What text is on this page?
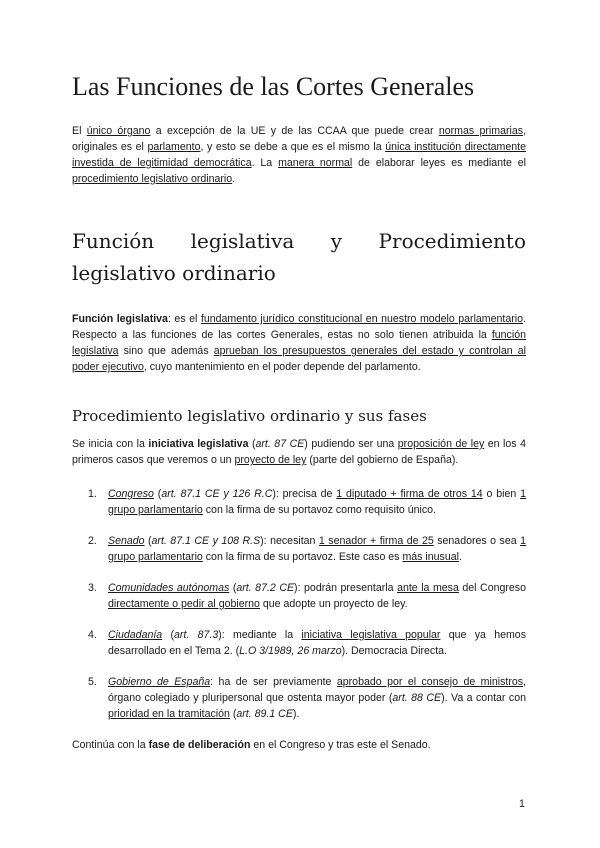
Las Funciones de las Cortes Generales

El único órgano a excepción de la UE y de las CCAA que puede crear normas primarias, originales es el parlamento, y esto se debe a que es el mismo la única institución directamente investida de legitimidad democrática. La manera normal de elaborar leyes es mediante el procedimiento legislativo ordinario.

Función legislativa y Procedimiento legislativo ordinario

Función legislativa: es el fundamento jurídico constitucional en nuestro modelo parlamentario. Respecto a las funciones de las cortes Generales, estas no solo tienen atribuida la función legislativa sino que además aprueban los presupuestos generales del estado y controlan al poder ejecutivo, cuyo mantenimiento en el poder depende del parlamento.

Procedimiento legislativo ordinario y sus fases

Se inicia con la iniciativa legislativa (art. 87 CE) pudiendo ser una proposición de ley en los 4 primeros casos que veremos o un proyecto de ley (parte del gobierno de España).

1. Congreso (art. 87.1 CE y 126 R.C): precisa de 1 diputado + firma de otros 14 o bien 1 grupo parlamentario con la firma de su portavoz como requisito único.

2. Senado (art. 87.1 CE y 108 R.S): necesitan 1 senador + firma de 25 senadores o sea 1 grupo parlamentario con la firma de su portavoz. Este caso es más inusual.

3. Comunidades autónomas (art. 87.2 CE): podrán presentarla ante la mesa del Congreso directamente o pedir al gobierno que adopte un proyecto de ley.

4. Ciudadanía (art. 87.3): mediante la iniciativa legislativa popular que ya hemos desarrollado en el Tema 2. (L.O 3/1989, 26 marzo). Democracia Directa.

5. Gobierno de España: ha de ser previamente aprobado por el consejo de ministros, órgano colegiado y pluripersonal que ostenta mayor poder (art. 88 CE). Va a contar con prioridad en la tramitación (art. 89.1 CE).

Continúa con la fase de deliberación en el Congreso y tras este el Senado.

1
